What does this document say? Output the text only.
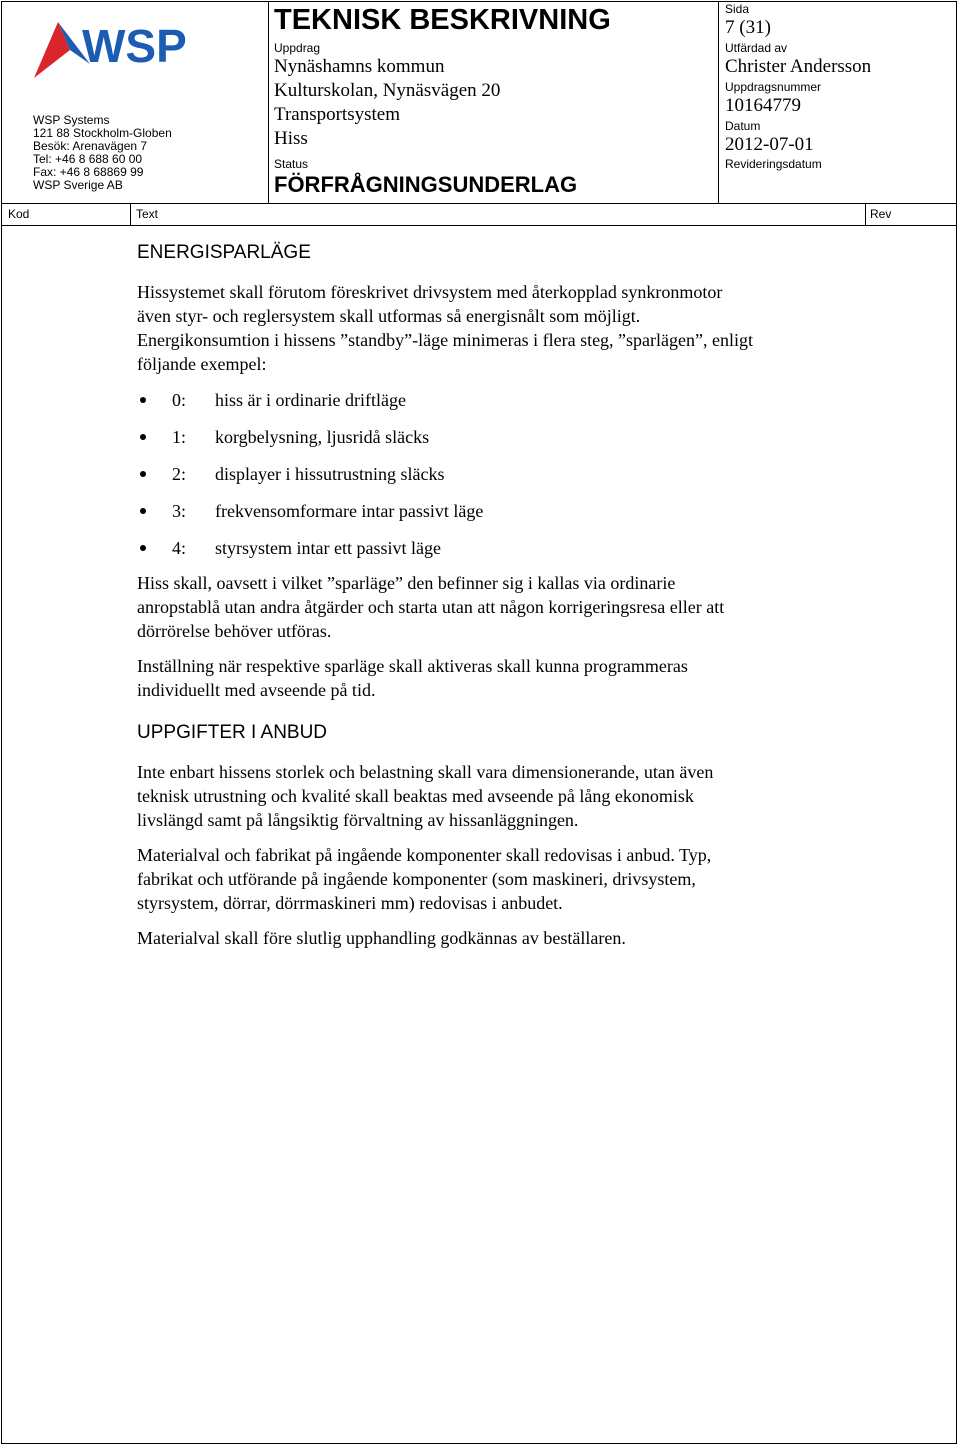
WSP
WSP Systems
121 88 Stockholm-Globen
Besök: Arenavägen 7
Tel: +46 8 688 60 00
Fax: +46 8 68869 99
WSP Sverige AB
TEKNISK BESKRIVNING
Uppdrag
Nynäshamns kommun
Kulturskolan, Nynäsvägen 20
Transportsystem
Hiss
Status
FÖRFRÅGNINGSUNDERLAG
Sida
7 (31)
Utfärdad av
Christer Andersson
Uppdragsnummer
10164779
Datum
2012-07-01
Revideringsdatum
Kod	Text	Rev
ENERGISPARLÄGE
Hissystemet skall förutom föreskrivet drivsystem med återkopplad synkronmotor
även styr- och reglersystem skall utformas så energisnålt som möjligt.
Energikonsumtion i hissens ”standby”-läge minimeras i flera steg, ”sparlägen”, enligt
följande exempel:
0: hiss är i ordinarie driftläge
1: korgbelysning, ljusridå släcks
2: displayer i hissutrustning släcks
3: frekvensomformare intar passivt läge
4: styrsystem intar ett passivt läge
Hiss skall, oavsett i vilket ”sparläge” den befinner sig i kallas via ordinarie
anropstablå utan andra åtgärder och starta utan att någon korrigeringsresa eller att
dörrörelse behöver utföras.
Inställning när respektive sparläge skall aktiveras skall kunna programmeras
individuellt med avseende på tid.
UPPGIFTER I ANBUD
Inte enbart hissens storlek och belastning skall vara dimensionerande, utan även
teknisk utrustning och kvalité skall beaktas med avseende på lång ekonomisk
livslängd samt på långsiktig förvaltning av hissanläggningen.
Materialval och fabrikat på ingående komponenter skall redovisas i anbud. Typ,
fabrikat och utförande på ingående komponenter (som maskineri, drivsystem,
styrsystem, dörrar, dörrmaskineri mm) redovisas i anbudet.
Materialval skall före slutlig upphandling godkännas av beställaren.
